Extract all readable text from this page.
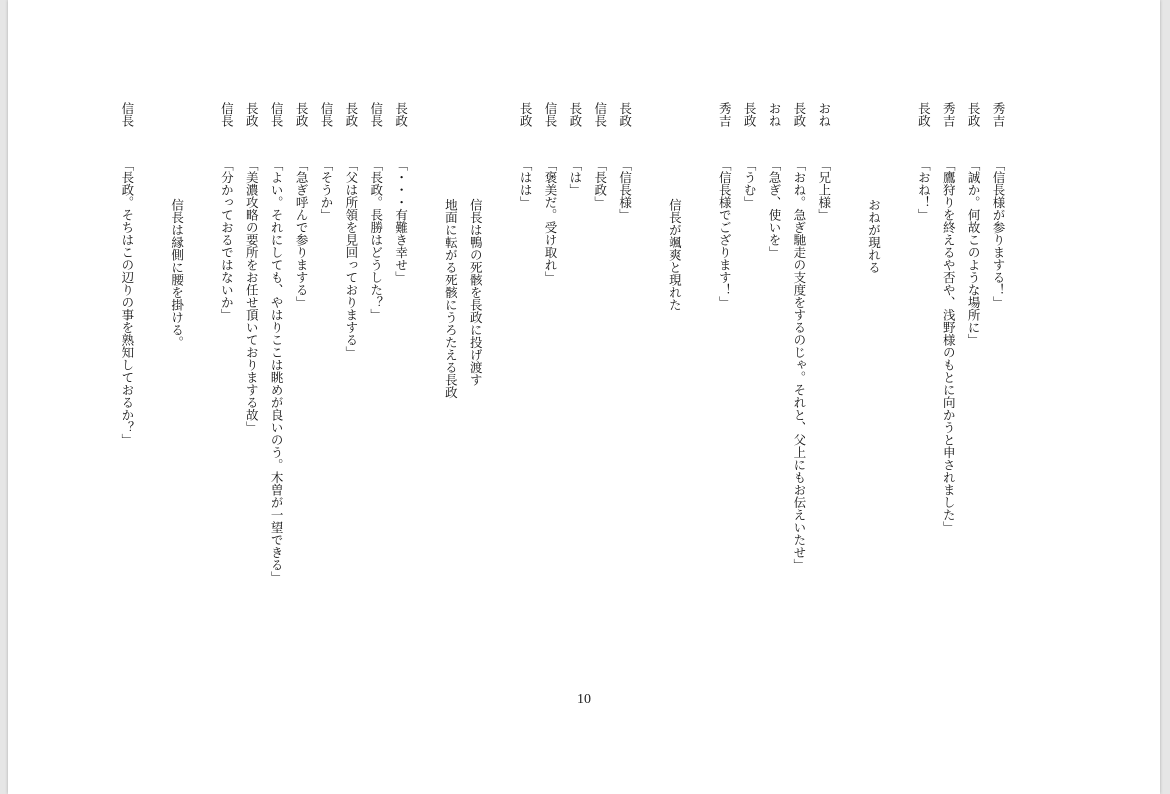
秀吉「信長様が参りまする！」
長政「誠か。何故このような場所に」
秀吉「鷹狩りを終えるや否や、浅野様のもとに向かうと申されました」
長政「おね！」
おねが現れる
おね「兄上様」
長政「おね。急ぎ馳走の支度をするのじゃ。それと、父上にもお伝えいたせ」
おね「急ぎ、使いを」
長政「うむ」
秀吉「信長様でござります！」
信長が颯爽と現れた
長政「信長様」
信長「長政」
長政「は」
信長「褒美だ。受け取れ」
長政「はは」
信長は鴨の死骸を長政に投げ渡す
地面に転がる死骸にうろたえる長政
長政「・・・有難き幸せ」
信長「長政。長勝はどうした？」
長政「父は所領を見回っておりまする」
信長「そうか」
長政「急ぎ呼んで参りまする」
信長「よい。それにしても、やはりここは眺めが良いのう。木曽が一望できる」
長政「美濃攻略の要所をお任せ頂いておりまする故」
信長「分かっておるではないか」
信長は縁側に腰を掛ける。
信長「長政。そちはこの辺りの事を熟知しておるか？」
10
